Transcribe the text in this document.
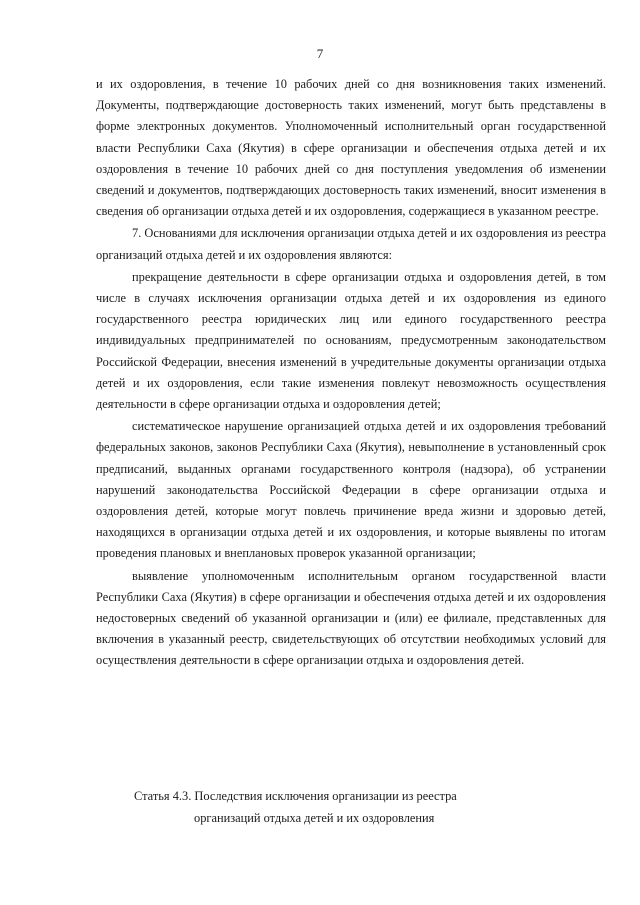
7

и их оздоровления, в течение 10 рабочих дней со дня возникновения таких изменений. Документы, подтверждающие достоверность таких изменений, могут быть представлены в форме электронных документов. Уполномоченный исполнительный орган государственной власти Республики Саха (Якутия) в сфере организации и обеспечения отдыха детей и их оздоровления в течение 10 рабочих дней со дня поступления уведомления об изменении сведений и документов, подтверждающих достоверность таких изменений, вносит изменения в сведения об организации отдыха детей и их оздоровления, содержащиеся в указанном реестре.

7. Основаниями для исключения организации отдыха детей и их оздоровления из реестра организаций отдыха детей и их оздоровления являются:

прекращение деятельности в сфере организации отдыха и оздоровления детей, в том числе в случаях исключения организации отдыха детей и их оздоровления из единого государственного реестра юридических лиц или единого государственного реестра индивидуальных предпринимателей по основаниям, предусмотренным законодательством Российской Федерации, внесения изменений в учредительные документы организации отдыха детей и их оздоровления, если такие изменения повлекут невозможность осуществления деятельности в сфере организации отдыха и оздоровления детей;

систематическое нарушение организацией отдыха детей и их оздоровления требований федеральных законов, законов Республики Саха (Якутия), невыполнение в установленный срок предписаний, выданных органами государственного контроля (надзора), об устранении нарушений законодательства Российской Федерации в сфере организации отдыха и оздоровления детей, которые могут повлечь причинение вреда жизни и здоровью детей, находящихся в организации отдыха детей и их оздоровления, и которые выявлены по итогам проведения плановых и внеплановых проверок указанной организации;

выявление уполномоченным исполнительным органом государственной власти Республики Саха (Якутия) в сфере организации и обеспечения отдыха детей и их оздоровления недостоверных сведений об указанной организации и (или) ее филиале, представленных для включения в указанный реестр, свидетельствующих об отсутствии необходимых условий для осуществления деятельности в сфере организации отдыха и оздоровления детей.

Статья 4.3. Последствия исключения организации из реестра
организаций отдыха детей и их оздоровления
